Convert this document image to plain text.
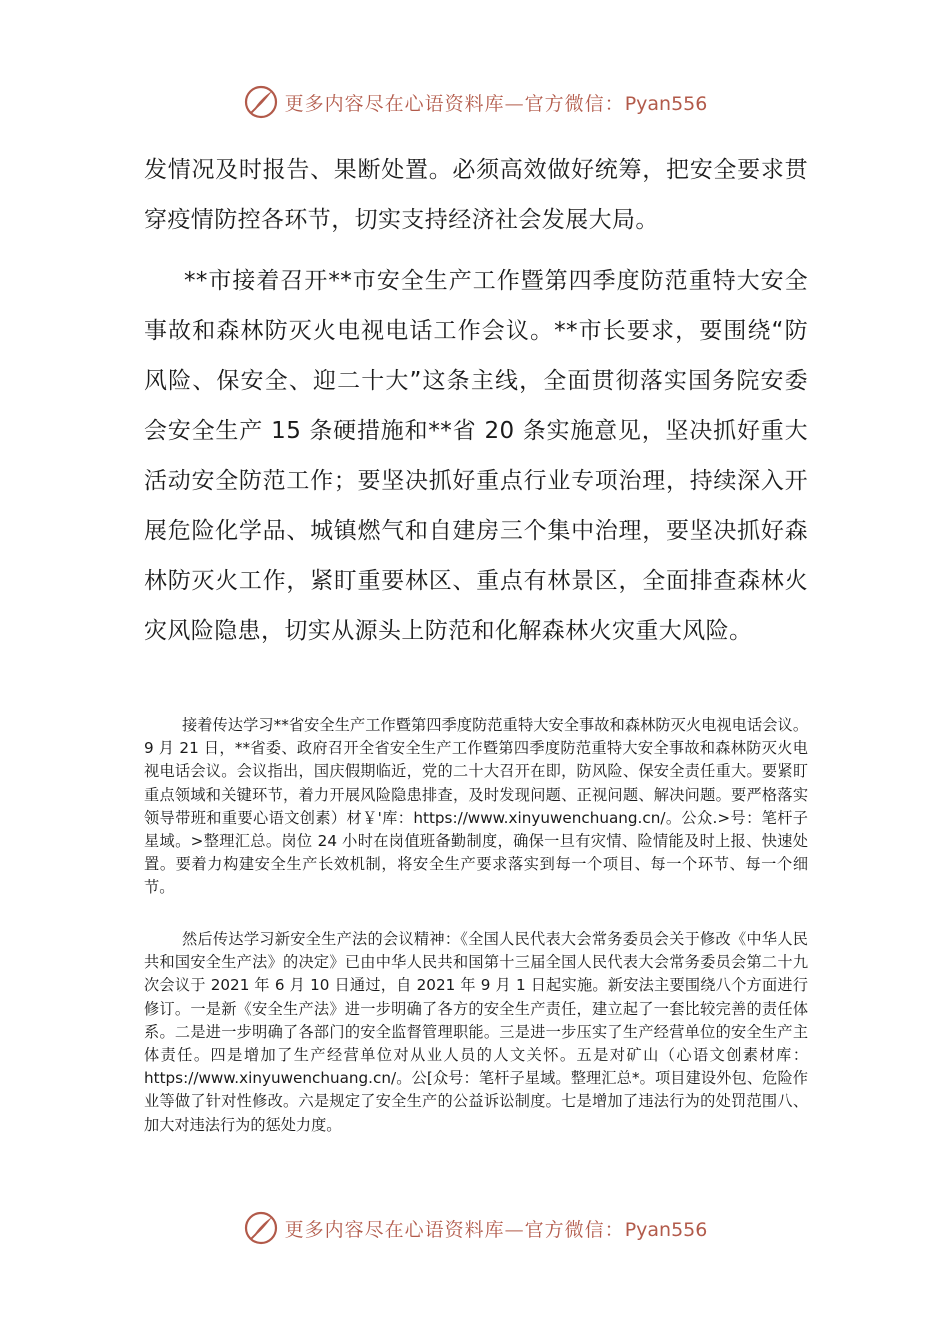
更多内容尽在心语资料库—官方微信：Pyan556

发情况及时报告、果断处置。必须高效做好统筹，把安全要求贯穿疫情防控各环节，切实支持经济社会发展大局。

**市接着召开**市安全生产工作暨第四季度防范重特大安全事故和森林防灭火电视电话工作会议。**市长要求，要围绕“防风险、保安全、迎二十大”这条主线，全面贯彻落实国务院安委会安全生产 15 条硬措施和**省 20 条实施意见，坚决抓好重大活动安全防范工作；要坚决抓好重点行业专项治理，持续深入开展危险化学品、城镇燃气和自建房三个集中治理，要坚决抓好森林防灭火工作，紧盯重要林区、重点有林景区，全面排查森林火灾风险隐患，切实从源头上防范和化解森林火灾重大风险。

接着传达学习**省安全生产工作暨第四季度防范重特大安全事故和森林防灭火电视电话会议。9 月 21 日，**省委、政府召开全省安全生产工作暨第四季度防范重特大安全事故和森林防灭火电视电话会议。会议指出，国庆假期临近，党的二十大召开在即，防风险、保安全责任重大。要紧盯重点领域和关键环节，着力开展风险隐患排查，及时发现问题、正视问题、解决问题。要严格落实领导带班和重要心语文创素）材￥'库：https://www.xinyuwenchuang.cn/。公众.>号：笔杆子星域。>整理汇总。岗位 24 小时在岗值班备勤制度，确保一旦有灾情、险情能及时上报、快速处置。要着力构建安全生产长效机制，将安全生产要求落实到每一个项目、每一个环节、每一个细节。

然后传达学习新安全生产法的会议精神：《全国人民代表大会常务委员会关于修改《中华人民共和国安全生产法》的决定》已由中华人民共和国第十三届全国人民代表大会常务委员会第二十九次会议于 2021 年 6 月 10 日通过，自 2021 年 9 月 1 日起实施。新安法主要围绕八个方面进行修订。一是新《安全生产法》进一步明确了各方的安全生产责任，建立起了一套比较完善的责任体系。二是进一步明确了各部门的安全监督管理职能。三是进一步压实了生产经营单位的安全生产主体责任。四是增加了生产经营单位对从业人员的人文关怀。五是对矿山（心语文创素材库：https://www.xinyuwenchuang.cn/。公[众号：笔杆子星域。整理汇总*。项目建设外包、危险作业等做了针对性修改。六是规定了安全生产的公益诉讼制度。七是增加了违法行为的处罚范围八、加大对违法行为的惩处力度。

更多内容尽在心语资料库—官方微信：Pyan556
